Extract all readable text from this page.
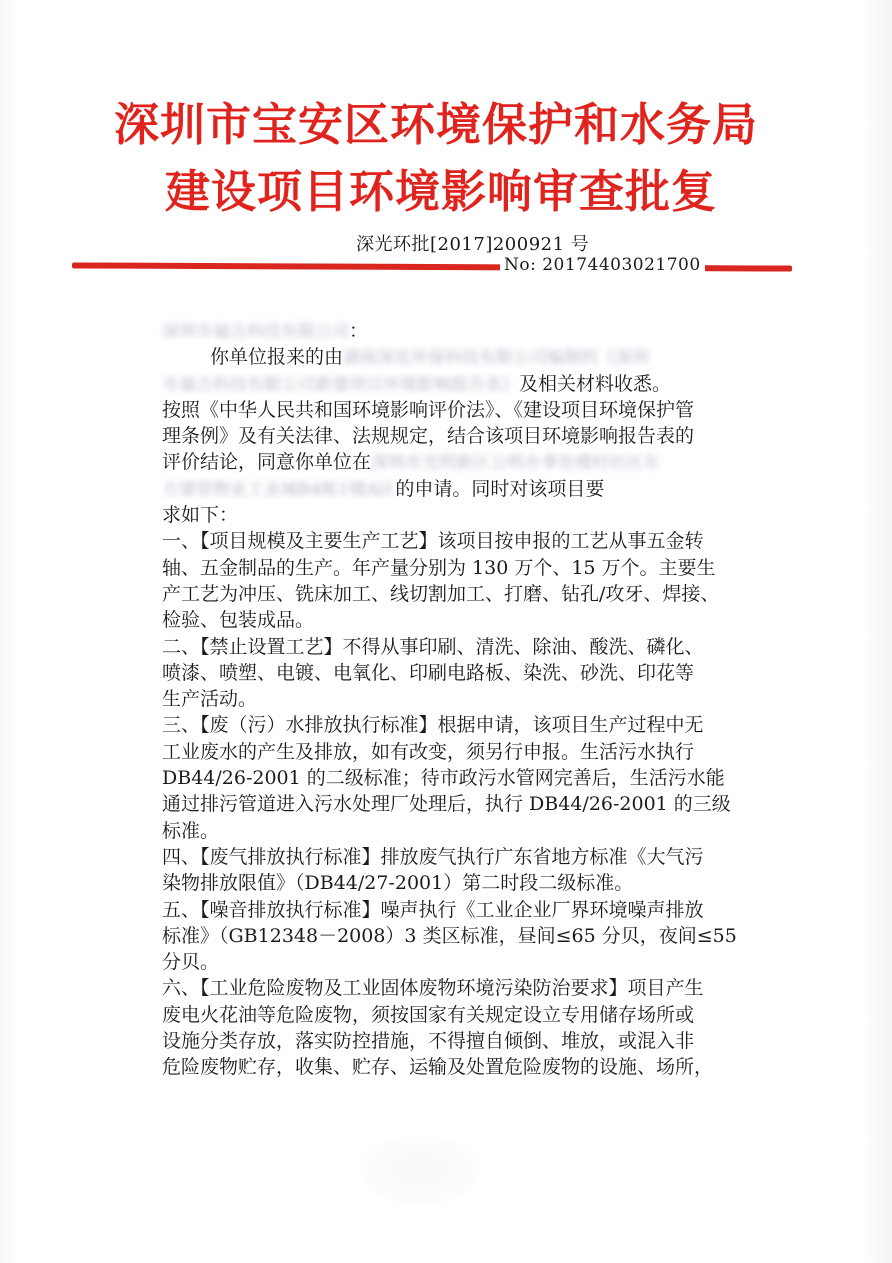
深圳市宝安区环境保护和水务局
建设项目环境影响审查批复
深光环批[2017]200921 号
No: 20174403021700
深圳市福吉科技有限公司：
你单位报来的由湖南深竑环保科技有限公司编制的《深圳
市福吉科技有限公司新建项目环境影响报告表》及相关材料收悉。
按照《中华人民共和国环境影响评价法》、《建设项目环境保护管
理条例》及有关法律、法规规定，结合该项目环境影响报告表的
评价结论，同意你单位在深圳市光明新区公明办事处楼村社区东
方建管物业工业城B4栋1楼A区的申请。同时对该项目要
求如下：
一、【项目规模及主要生产工艺】该项目按申报的工艺从事五金转
轴、五金制品的生产。年产量分别为 130 万个、15 万个。主要生
产工艺为冲压、铣床加工、线切割加工、打磨、钻孔/攻牙、焊接、
检验、包装成品。
二、【禁止设置工艺】不得从事印刷、清洗、除油、酸洗、磷化、
喷漆、喷塑、电镀、电氧化、印刷电路板、染洗、砂洗、印花等
生产活动。
三、【废（污）水排放执行标准】根据申请，该项目生产过程中无
工业废水的产生及排放，如有改变，须另行申报。生活污水执行
DB44/26-2001 的二级标准；待市政污水管网完善后，生活污水能
通过排污管道进入污水处理厂处理后，执行 DB44/26-2001 的三级
标准。
四、【废气排放执行标准】排放废气执行广东省地方标准《大气污
染物排放限值》（DB44/27-2001）第二时段二级标准。
五、【噪音排放执行标准】噪声执行《工业企业厂界环境噪声排放
标准》（GB12348－2008）3 类区标准，昼间≤65 分贝，夜间≤55
分贝。
六、【工业危险废物及工业固体废物环境污染防治要求】项目产生
废电火花油等危险废物，须按国家有关规定设立专用储存场所或
设施分类存放，落实防控措施，不得擅自倾倒、堆放，或混入非
危险废物贮存，收集、贮存、运输及处置危险废物的设施、场所，
